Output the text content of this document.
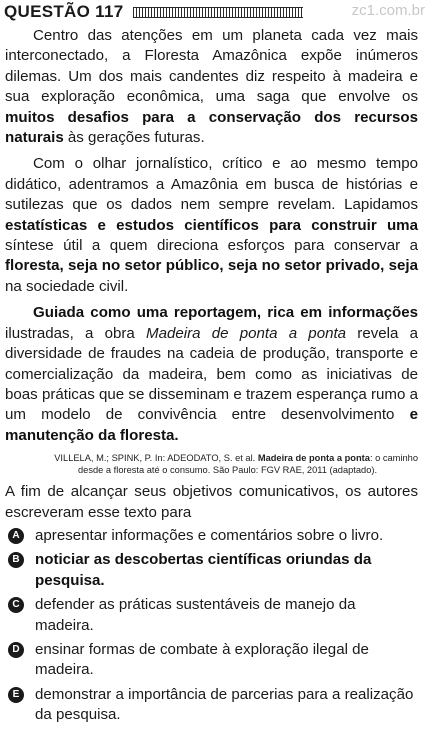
QUESTÃO 117	zc1.com.br

Centro das atenções em um planeta cada vez mais interconectado, a Floresta Amazônica expõe inúmeros dilemas. Um dos mais candentes diz respeito à madeira e sua exploração econômica, uma saga que envolve os muitos desafios para a conservação dos recursos naturais às gerações futuras.

Com o olhar jornalístico, crítico e ao mesmo tempo didático, adentramos a Amazônia em busca de histórias e sutilezas que os dados nem sempre revelam. Lapidamos estatísticas e estudos científicos para construir uma síntese útil a quem direciona esforços para conservar a floresta, seja no setor público, seja no setor privado, seja na sociedade civil.

Guiada como uma reportagem, rica em informações ilustradas, a obra Madeira de ponta a ponta revela a diversidade de fraudes na cadeia de produção, transporte e comercialização da madeira, bem como as iniciativas de boas práticas que se disseminam e trazem esperança rumo a um modelo de convivência entre desenvolvimento e manutenção da floresta.

VILLELA, M.; SPINK, P. In: ADEODATO, S. et al. Madeira de ponta a ponta: o caminho
desde a floresta até o consumo. São Paulo: FGV RAE, 2011 (adaptado).
A fim de alcançar seus objetivos comunicativos, os autores escreveram esse texto para
A apresentar informações e comentários sobre o livro.
B noticiar as descobertas científicas oriundas da pesquisa.
C defender as práticas sustentáveis de manejo da madeira.
D ensinar formas de combate à exploração ilegal de madeira.
E	demonstrar a importância de parcerias para a realização da pesquisa.
